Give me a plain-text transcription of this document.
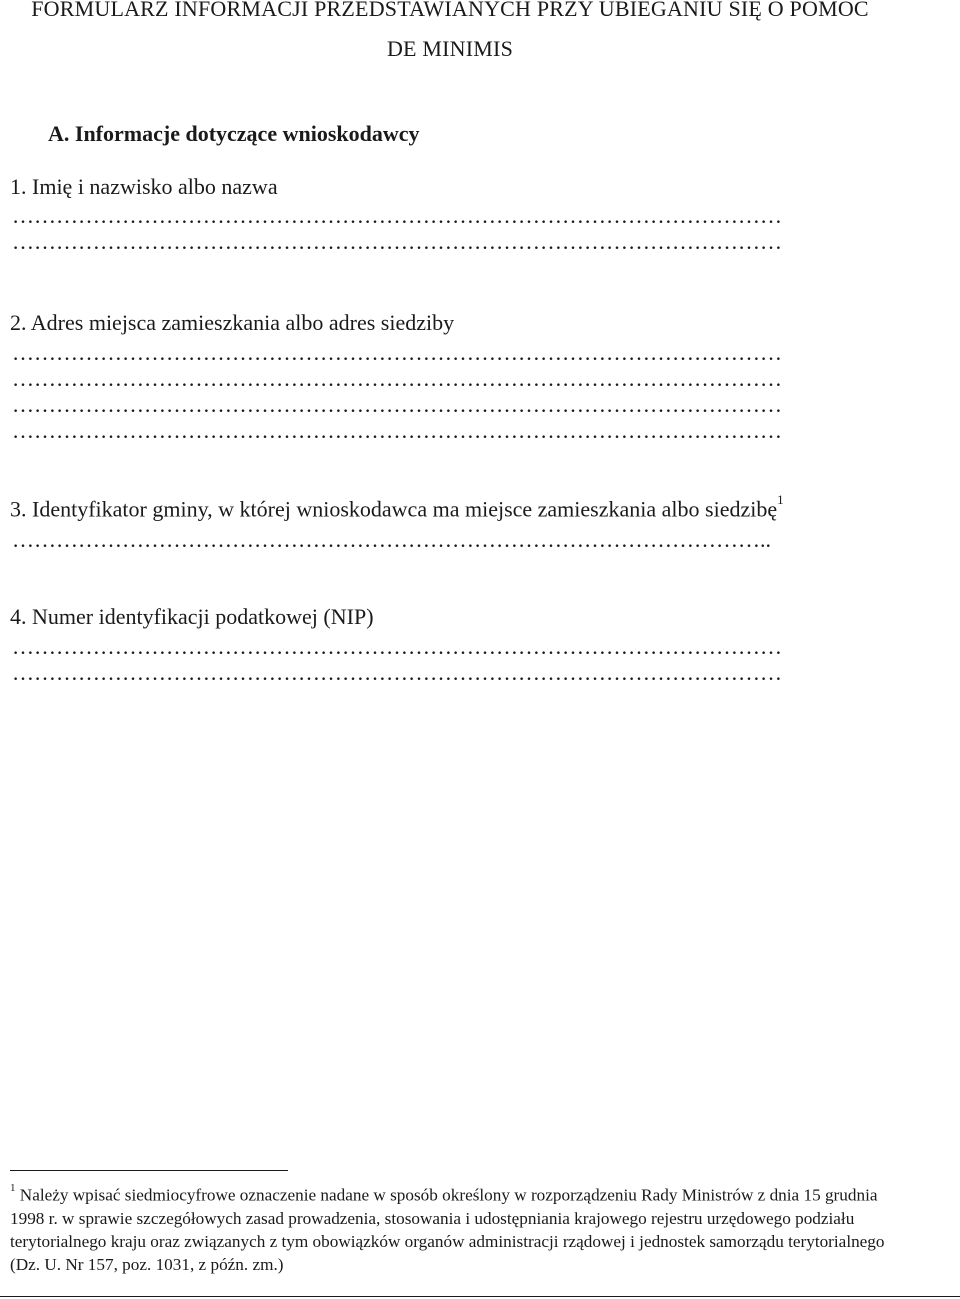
FORMULARZ INFORMACJI PRZEDSTAWIANYCH PRZY UBIEGANIU SIĘ O POMOC
DE MINIMIS
A. Informacje dotyczące wnioskodawcy
1. Imię i nazwisko albo nazwa
……………………………………………………………………………………………
……………………………………………………………………………………………
2. Adres miejsca zamieszkania albo adres siedziby
……………………………………………………………………………………………
……………………………………………………………………………………………
……………………………………………………………………………………………
……………………………………………………………………………………………
3. Identyfikator gminy, w której wnioskodawca ma miejsce zamieszkania albo siedzibę$^1$
…………………………………………………………………………………………..
4. Numer identyfikacji podatkowej (NIP)
……………………………………………………………………………………………
……………………………………………………………………………………………
$^1$ Należy wpisać siedmiocyfrowe oznaczenie nadane w sposób określony w rozporządzeniu Rady Ministrów z dnia 15 grudnia 1998 r. w sprawie szczegółowych zasad prowadzenia, stosowania i udostępniania krajowego rejestru urzędowego podziału terytorialnego kraju oraz związanych z tym obowiązków organów administracji rządowej i jednostek samorządu terytorialnego (Dz. U. Nr 157, poz. 1031, z późn. zm.)
